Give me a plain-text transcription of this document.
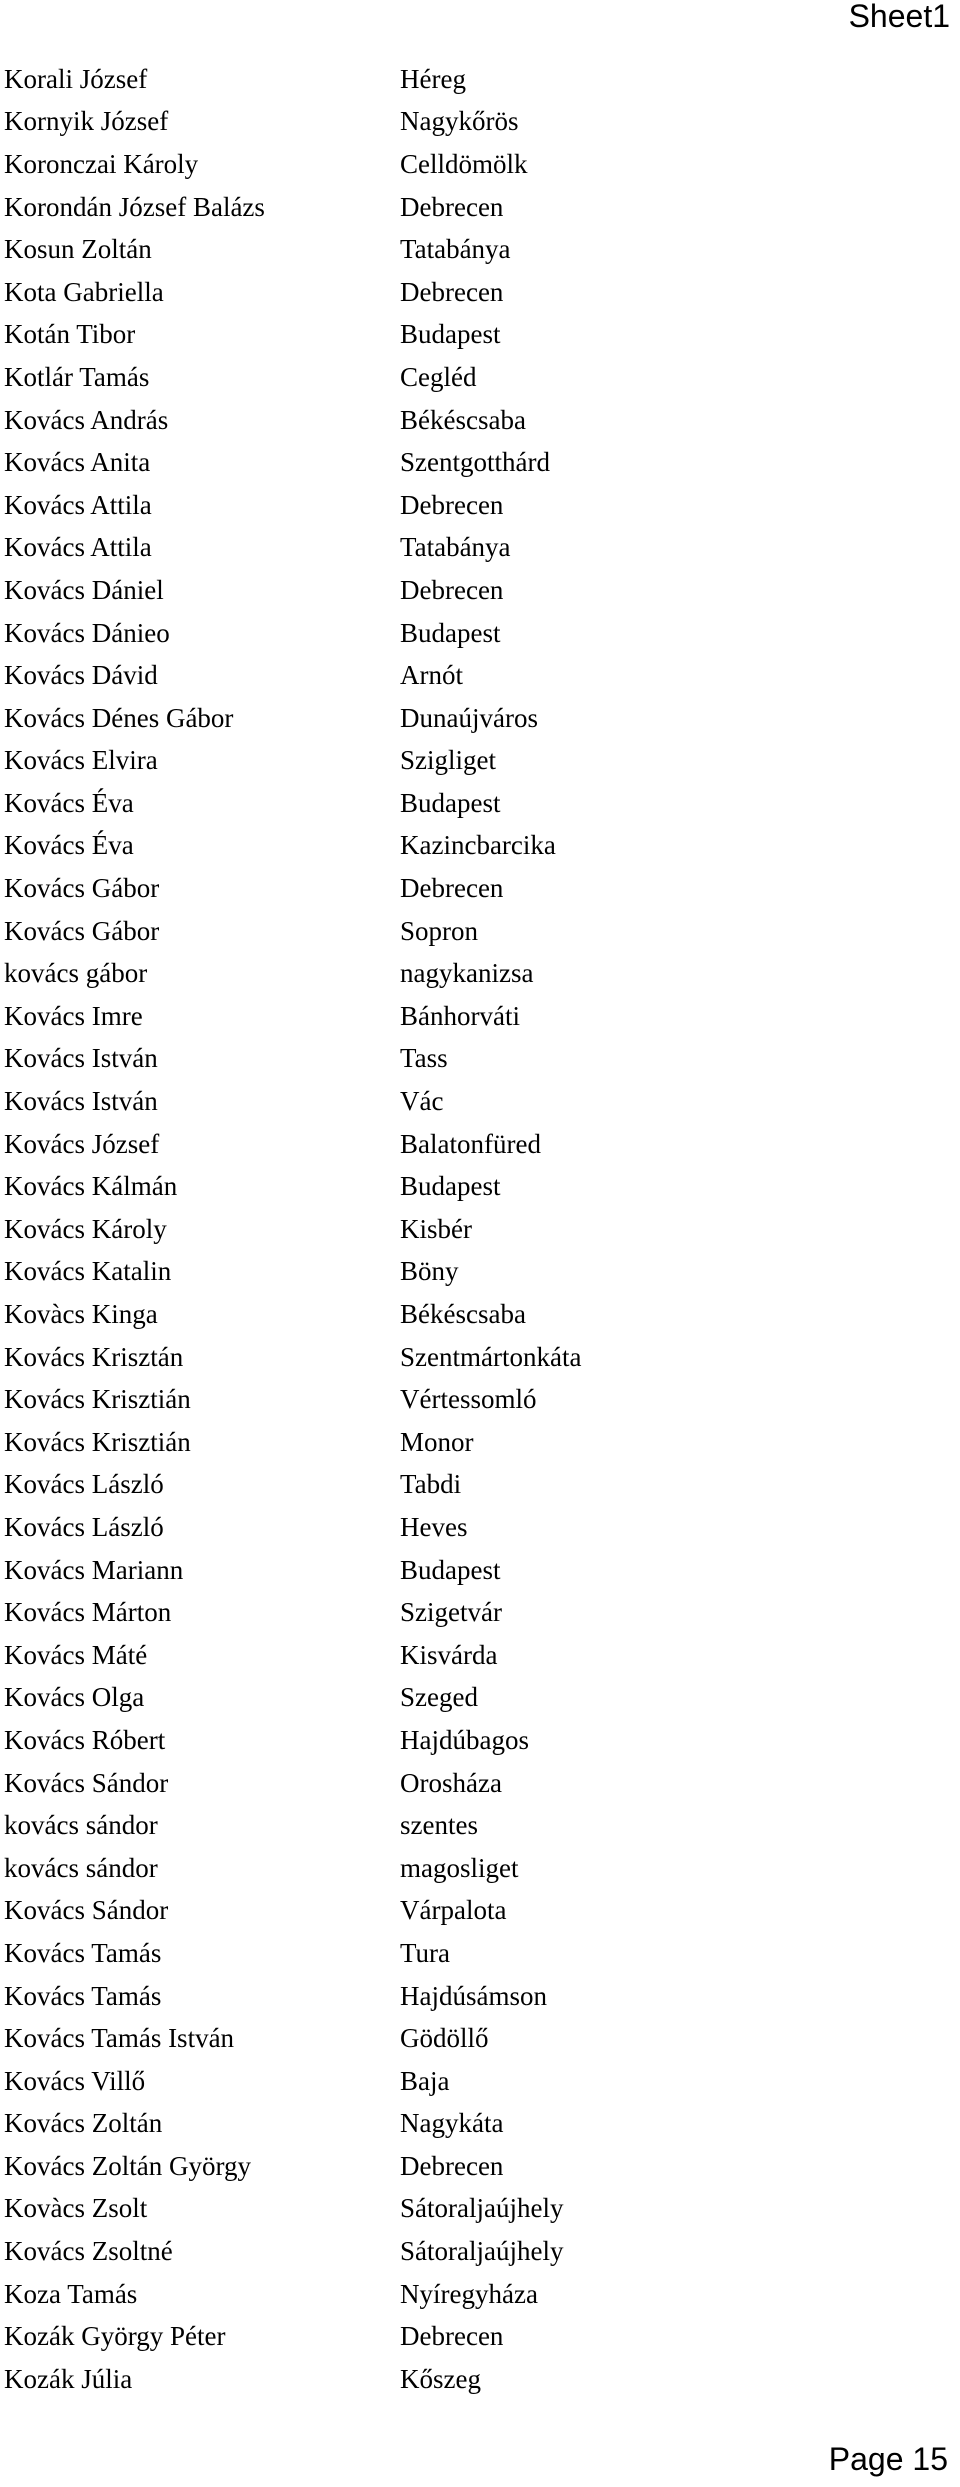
Sheet1
Korali József	Héreg
Kornyik József	Nagykőrös
Koronczai Károly	Celldömölk
Korondán József Balázs	Debrecen
Kosun Zoltán	Tatabánya
Kota Gabriella	Debrecen
Kotán Tibor	Budapest
Kotlár Tamás	Cegléd
Kovács András	Békéscsaba
Kovács Anita	Szentgotthárd
Kovács Attila	Debrecen
Kovács Attila	Tatabánya
Kovács Dániel	Debrecen
Kovács Dánieo	Budapest
Kovács Dávid	Arnót
Kovács Dénes Gábor	Dunaújváros
Kovács Elvira	Szigliget
Kovács Éva	Budapest
Kovács Éva	Kazincbarcika
Kovács Gábor	Debrecen
Kovács Gábor	Sopron
kovács gábor	nagykanizsa
Kovács Imre	Bánhorváti
Kovács István	Tass
Kovács István	Vác
Kovács József	Balatonfüred
Kovács Kálmán	Budapest
Kovács Károly	Kisbér
Kovács Katalin	Böny
Kovàcs Kinga	Békéscsaba
Kovács Krisztán	Szentmártonkáta
Kovács Krisztián	Vértessomló
Kovács Krisztián	Monor
Kovács László	Tabdi
Kovács László	Heves
Kovács Mariann	Budapest
Kovács Márton	Szigetvár
Kovács Máté	Kisvárda
Kovács Olga	Szeged
Kovács Róbert	Hajdúbagos
Kovács Sándor	Orosháza
kovács sándor	szentes
kovács sándor	magosliget
Kovács Sándor	Várpalota
Kovács Tamás	Tura
Kovács Tamás	Hajdúsámson
Kovács Tamás István	Gödöllő
Kovács Villő	Baja
Kovács Zoltán	Nagykáta
Kovács Zoltán György	Debrecen
Kovàcs Zsolt	Sátoraljaújhely
Kovács Zsoltné	Sátoraljaújhely
Koza Tamás	Nyíregyháza
Kozák György Péter	Debrecen
Kozák Júlia	Kőszeg
Page 15
